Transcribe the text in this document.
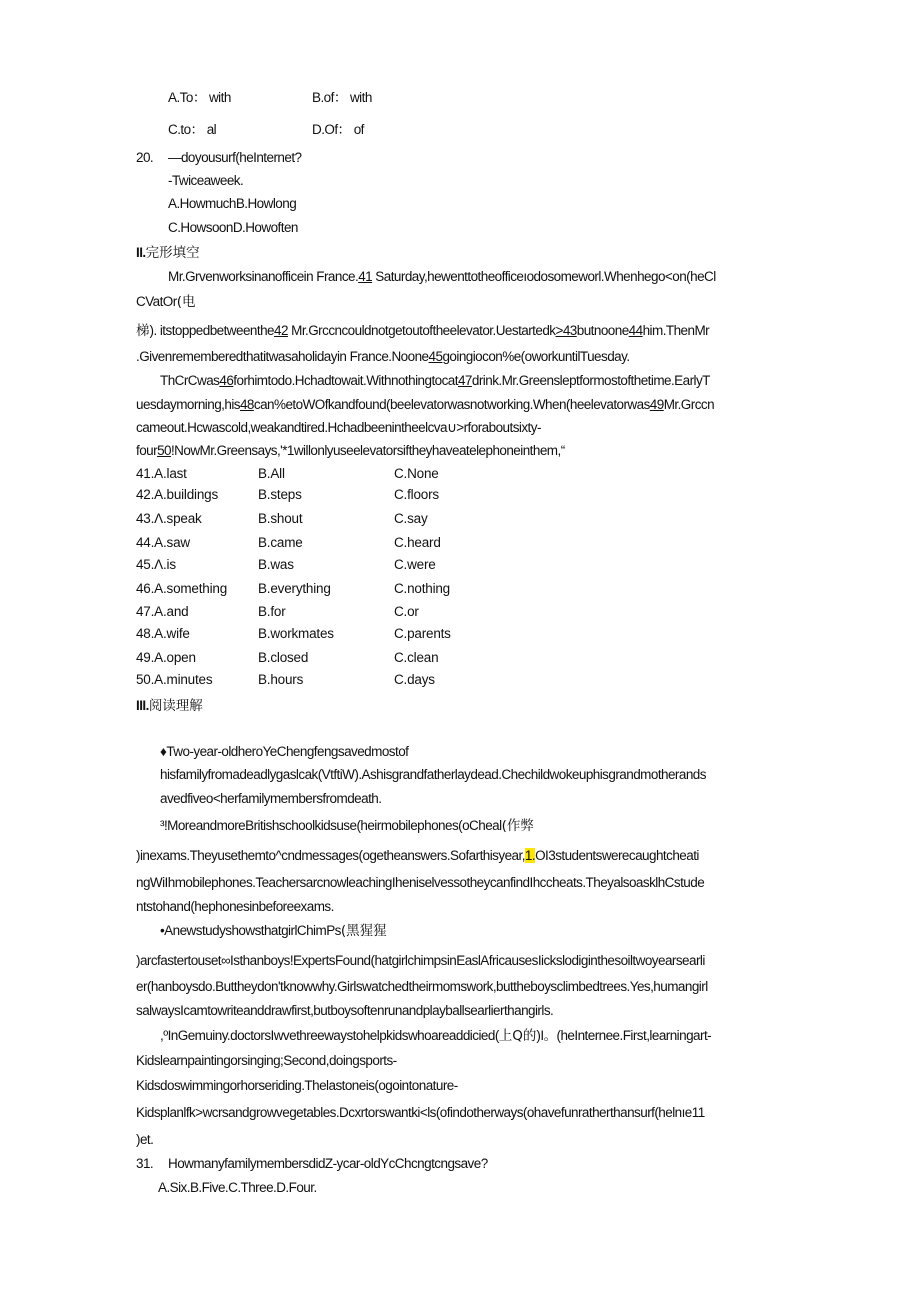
A.To： with	B.of： with
C.to： al	D.Of： of
20. —doyousurf(heInternet?
-Twiceaweek.
A.HowmuchB.Howlong
C.HowsoonD.Howoften
II.完形填空
Mr.Grvenworksinanofficein France.41 Saturday,hewenttotheofficeıodosomeworl.Whenhego<on(heCl
CVatOr(电
梯). itstoppedbetweenthe42 Mr.Grccncouldnotgetoutoftheelevator.Uestartedk>43butnoone44him.ThenMr
.Givenrememberedthatitwasaholidayin France.Noone45goingiocon%e(oworkuntilTuesday.
ThCrCwas46forhimtodo.Hchadtowait.Withnothingtocat47drink.Mr.Greensleptformostofthetime.EarlyT
uesdaymorning,his48can%etoWOfkandfound(beelevatorwasnotworking.When(heelevatorwas49Mr.Grccn
cameout.Hcwascold,weakandtired.Hchadbeenintheelcva∪>rforaboutsixty-
four50!NowMr.Greensays,'*1willonlyuseelevatorsiftheyhaveatelephoneinthem,“
41.A.last	B.All	C.None
42.A.buildings	B.steps	C.floors
43.Λ.speak	B.shout	C.say
44.A.saw	B.came	C.heard
45.Λ.is	B.was	C.were
46.A.something B.everything	C.nothing
47.A.and	B.for	C.or
48.A.wife	B.workmates	C.parents
49.A.open	B.closed	C.clean
50.A.minutes	B.hours	C.days
III.阅读理解
♦Two-year-oldheroYeChengfengsavedmostof
hisfamilyfromadeadlygaslcak(VtftiW).Ashisgrandfatherlaydead.Chechildwokeuphisgrandmotherands
avedfiveo<herfamilymembersfromdeath.
³!MoreandmoreBritishschoolkidsuse(heirmobilephones(oCheal(作弊
)inexams.Theyusethemto^cndmessages(ogetheanswers.Sofarthisyear,1.OI3studentswerecaughtcheati
ngWiIhmobilephones.TeachersarcnowleachingIheniselvessotheycanfindIhccheats.TheyalsoasklhCstude
ntstohand(hephonesinbeforeexams.
•AnewstudyshowsthatgirlChimPs(黑猩猩
)arcfastertouset∞Isthanboys!ExpertsFound(hatgirlchimpsinEaslAfricausesIickslodiginthesoiltwoyearsearli
er(hanboysdo.Buttheydon'tknowwhy.Girlswatchedtheirmomswork,buttheboysclimbedtrees.Yes,humangirl
salwaysIcamtowriteanddrawfirst,butboysoftenrunandplayballsearlierthangirls.
,ºInGemuiny.doctorsIwvethreewaystohelpkidswhoareaddicied(上Q的)I。(heInternee.First,learningart-
Kidslearnpaintingorsinging;Second,doingsports-
Kidsdoswimmingorhorseriding.Thelastoneis(ogointonature-
Kidsplanlfk>wcrsandgrowvegetables.Dcxrtorswantki<ls(ofindotherways(ohavefunratherthansurf(helnıe11
)et.
31. HowmanyfamilymembersdidZ-ycar-oldYcChcngtcngsave?
A.Six.B.Five.C.Three.D.Four.
